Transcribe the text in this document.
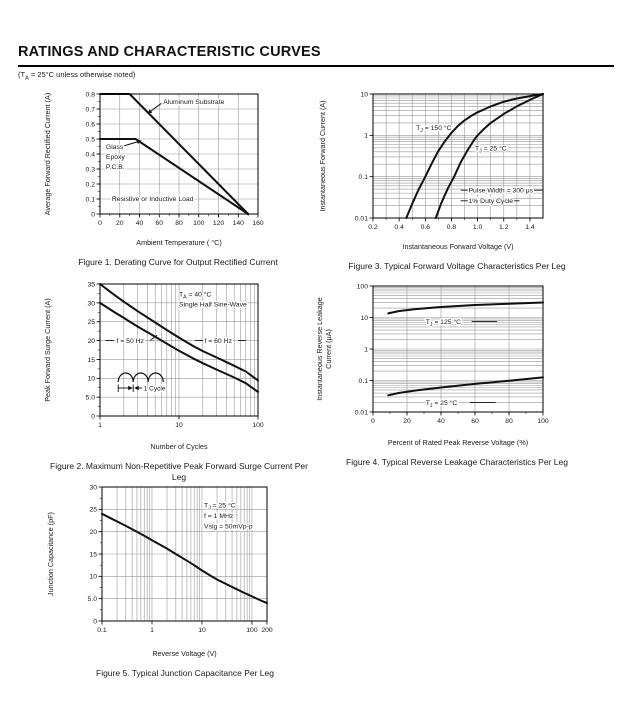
RATINGS AND CHARACTERISTIC CURVES
($T_A = 25^\circ C$ unless otherwise noted)
0 20 40 60 80 100 120 140 160
0
0.1
0.2
0.3
0.4
0.5
0.6
0.7
0.8
Aluminum Substrate
Glass
Epoxy
P.C.B.
Resistive or Inductive Load
Ambient Temperature ( °C)
Average Forward Rectified Current (A)

Figure 1. Derating Curve for Output Rectified Current

0.2 0.4 0.6 0.8 1.0 1.2 1.4
0.01
0.1
1
10
$T_J = 150$ °C
$T_J = 25$ °C
Pulse Width = 300 μs
1% Duty Cycle
Instantaneous Forward Voltage (V)
Instantaneous Forward Current (A)

Figure 3. Typical Forward Voltage Characteristics Per Leg

1	10	100
0
5.0
10
15
20
25
30
35
$T_A = 40$ °C
Single Half Sine-Wave
f = 50 Hz	f = 60 Hz
1 Cycle
Number of Cycles
Peak Forward Surge Current (A)

Figure 2. Maximum Non-Repetitive Peak Forward Surge Current Per Leg

0	20	40	60	80	100
0.01
0.1
1
10
100
$T_J = 125$ °C
$T_J = 25$ °C
Percent of Rated Peak Reverse Voltage (%)
Instantaneous Reverse Leakage Current (μA)

Figure 4. Typical Reverse Leakage Characteristics Per Leg

0.1	1	10	100 200
0
5.0
10
15
20
25
30
$T_J = 25$ °C
f = 1 MHz
Vsig = 50mVp-p
Reverse Voltage (V)
Junction Capacitance (pF)

Figure 5. Typical Junction Capacitance Per Leg
